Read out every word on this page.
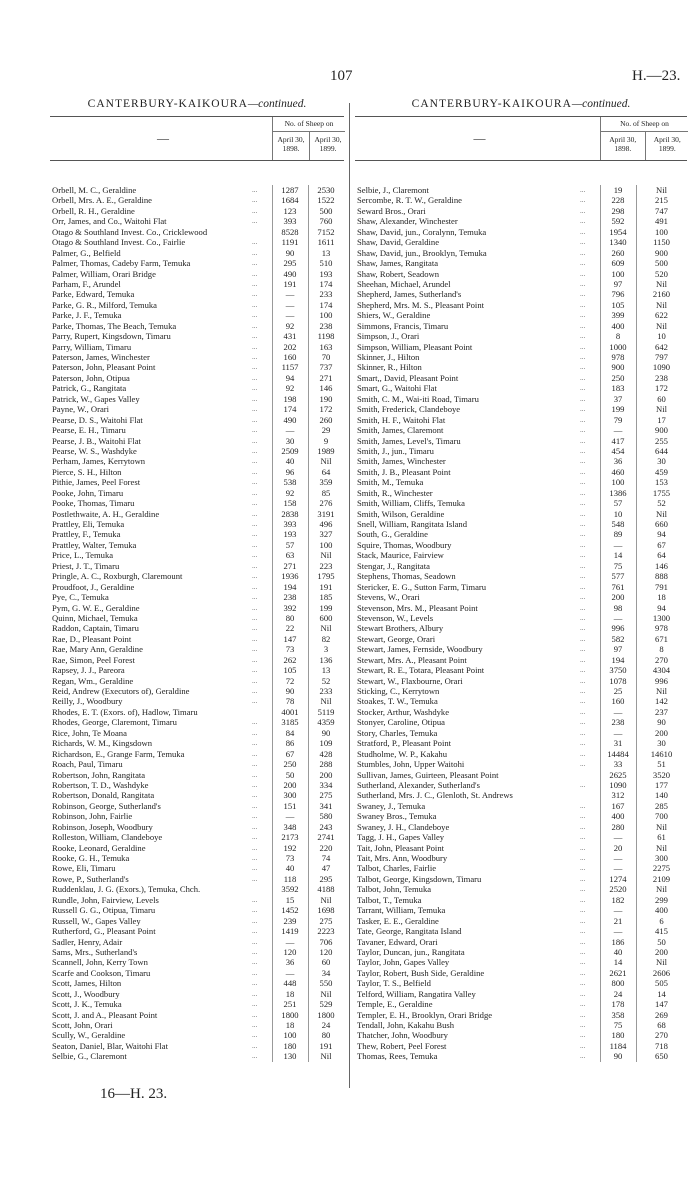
107	H.—23.
CANTERBURY-KAIKOURA—continued.
—
No. of Sheep on
April 30, 1898.
April 30, 1899.
Orbell, M. C., Geraldine	...	1287	2530
Orbell, Mrs. A. E., Geraldine	...	1684	1522
Orbell, R. H., Geraldine	...	123	500
Orr, James, and Co., Waitohi Flat	...	393	760
Otago & Southland Invest. Co., Cricklewood	8528	7152
Otago & Southland Invest. Co., Fairlie	...	1191	1611
Palmer, G., Belfield	...	90	13
Palmer, Thomas, Cadeby Farm, Temuka	...	295	510
Palmer, William, Orari Bridge	...	490	193
Parham, F., Arundel	...	191	174
Parke, Edward, Temuka	...	—	233
Parke, G. R., Milford, Temuka	...	—	174
Parke, J. F., Temuka	...	—	100
Parke, Thomas, The Beach, Temuka	...	92	238
Parry, Rupert, Kingsdown, Timaru	...	431	1198
Parry, William, Timaru	...	202	163
Paterson, James, Winchester	...	160	70
Paterson, John, Pleasant Point	...	1157	737
Paterson, John, Otipua	...	94	271
Patrick, G., Rangitata	...	92	146
Patrick, W., Gapes Valley	...	198	190
Payne, W., Orari	...	174	172
Pearse, D. S., Waitohi Flat	...	490	260
Pearse, E. H., Timaru	...	—	29
Pearse, J. B., Waitohi Flat	...	30	9
Pearse, W. S., Washdyke	...	2509	1989
Perham, James, Kerrytown	...	40	Nil
Pierce, S. H., Hilton	...	96	64
Pithie, James, Peel Forest	...	538	359
Pooke, John, Timaru	...	92	85
Pooke, Thomas, Timaru	...	158	276
Postlethwaite, A. H., Geraldine	...	2838	3191
Prattley, Eli, Temuka	...	393	496
Prattley, F., Temuka	...	193	327
Prattley, Walter, Temuka	...	57	100
Price, L., Temuka	...	63	Nil
Priest, J. T., Timaru	...	271	223
Pringle, A. C., Roxburgh, Claremount	...	1936	1795
Proudfoot, J., Geraldine	...	194	191
Pye, C., Temuka	...	238	185
Pym, G. W. E., Geraldine	...	392	199
Quinn, Michael, Temuka	...	80	600
Raddon, Captain, Timaru	...	22	Nil
Rae, D., Pleasant Point	...	147	82
Rae, Mary Ann, Geraldine	...	73	3
Rae, Simon, Peel Forest	...	262	136
Rapsey, J. J., Pareora	...	105	13
Regan, Wm., Geraldine	...	72	52
Reid, Andrew (Executors of), Geraldine	...	90	233
Reilly, J., Woodbury	...	78	Nil
Rhodes, E. T. (Exors. of), Hadlow, Timaru	4001	5119
Rhodes, George, Claremont, Timaru	...	3185	4359
Rice, John, Te Moana	...	84	90
Richards, W. M., Kingsdown	...	86	109
Richardson, E., Grange Farm, Temuka	...	67	428
Roach, Paul, Timaru	...	250	288
Robertson, John, Rangitata	...	50	200
Robertson, T. D., Washdyke	...	200	334
Robertson, Donald, Rangitata	...	300	275
Robinson, George, Sutherland's	...	151	341
Robinson, John, Fairlie	...	—	580
Robinson, Joseph, Woodbury	...	348	243
Rolleston, William, Clandeboye	...	2173	2741
Rooke, Leonard, Geraldine	...	192	220
Rooke, G. H., Temuka	...	73	74
Rowe, Eli, Timaru	...	40	47
Rowe, P., Sutherland's	...	118	295
Ruddenklau, J. G. (Exors.), Temuka, Chch.	3592	4188
Rundle, John, Fairview, Levels	...	15	Nil
Russell G. G., Otipua, Timaru	...	1452	1698
Russell, W., Gapes Valley	...	239	275
Rutherford, G., Pleasant Point	...	1419	2223
Sadler, Henry, Adair	...	—	706
Sams, Mrs., Sutherland's	...	120	120
Scannell, John, Kerry Town	...	36	60
Scarfe and Cookson, Timaru	...	—	34
Scott, James, Hilton	...	448	550
Scott, J., Woodbury	...	18	Nil
Scott, J. K., Temuka	...	251	529
Scott, J. and A., Pleasant Point	...	1800	1800
Scott, John, Orari	...	18	24
Scully, W., Geraldine	...	100	80
Seaton, Daniel, Blar, Waitohi Flat	...	180	191
Selbie, G., Claremont	...	130	Nil
CANTERBURY-KAIKOURA—continued.
—
No. of Sheep on
April 30, 1898.
April 30, 1899.
Selbie, J., Claremont	...	19	Nil
Sercombe, R. T. W., Geraldine	...	228	215
Seward Bros., Orari	...	298	747
Shaw, Alexander, Winchester	...	592	491
Shaw, David, jun., Coralynn, Temuka	...	1954	100
Shaw, David, Geraldine	...	1340	1150
Shaw, David, jun., Brooklyn, Temuka	...	260	900
Shaw, James, Rangitata	...	609	500
Shaw, Robert, Seadown	...	100	520
Sheehan, Michael, Arundel	...	97	Nil
Shepherd, James, Sutherland's	...	796	2160
Shepherd, Mrs. M. S., Pleasant Point	...	105	Nil
Shiers, W., Geraldine	...	399	622
Simmons, Francis, Timaru	...	400	Nil
Simpson, J., Orari	...	8	10
Simpson, William, Pleasant Point	...	1000	642
Skinner, J., Hilton	...	978	797
Skinner, R., Hilton	...	900	1090
Smart,, David, Pleasant Point	...	250	238
Smart, G., Waitohi Flat	...	183	172
Smith, C. M., Wai-iti Road, Timaru	...	37	60
Smith, Frederick, Clandeboye	...	199	Nil
Smith, H. F., Waitohi Flat	...	79	17
Smith, James, Claremont	...	—	900
Smith, James, Level's, Timaru	...	417	255
Smith, J., jun., Timaru	...	454	644
Smith, James, Winchester	...	36	30
Smith, J. B., Pleasant Point	...	460	459
Smith, M., Temuka	...	100	153
Smith, R., Winchester	...	1386	1755
Smith, William, Cliffs, Temuka	...	57	52
Smith, Wilson, Geraldine	...	10	Nil
Snell, William, Rangitata Island	...	548	660
South, G., Geraldine	...	89	94
Squire, Thomas, Woodbury	...	—	67
Stack, Maurice, Fairview	...	14	64
Stengar, J., Rangitata	...	75	146
Stephens, Thomas, Seadown	...	577	888
Stericker, E. G., Sutton Farm, Timaru	...	761	791
Stevens, W., Orari	...	200	18
Stevenson, Mrs. M., Pleasant Point	...	98	94
Stevenson, W., Levels	...	—	1300
Stewart Brothers, Albury	...	996	978
Stewart, George, Orari	...	582	671
Stewart, James, Fernside, Woodbury	...	97	8
Stewart, Mrs. A., Pleasant Point	...	194	270
Stewart, R. E., Totara, Pleasant Point	...	3750	4304
Stewart, W., Flaxbourne, Orari	...	1078	996
Sticking, C., Kerrytown	...	25	Nil
Stoakes, T. W., Temuka	...	160	142
Stocker, Arthur, Washdyke	...	—	237
Stonyer, Caroline, Otipua	...	238	90
Story, Charles, Temuka	...	—	200
Stratford, P., Pleasant Point	...	31	30
Studholme, W. P., Kakahu	...	14484	14610
Stumbles, John, Upper Waitohi	...	33	51
Sullivan, James, Guirteen, Pleasant Point	2625	3520
Sutherland, Alexander, Sutherland's	...	1090	177
Sutherland, Mrs. J. C., Glenloth, St. Andrews	312	140
Swaney, J., Temuka	...	167	285
Swaney Bros., Temuka	...	400	700
Swaney, J. H., Clandeboye	...	280	Nil
Tagg, J. H., Gapes Valley	...	—	61
Tait, John, Pleasant Point	...	20	Nil
Tait, Mrs. Ann, Woodbury	...	—	300
Talbot, Charles, Fairlie	...	—	2275
Talbot, George, Kingsdown, Timaru	...	1274	2109
Talbot, John, Temuka	...	2520	Nil
Talbot, T., Temuka	...	182	299
Tarrant, William, Temuka	...	—	400
Tasker, E. E., Geraldine	...	21	6
Tate, George, Rangitata Island	...	—	415
Tavaner, Edward, Orari	...	186	50
Taylor, Duncan, jun., Rangitata	...	40	200
Taylor, John, Gapes Valley	...	14	Nil
Taylor, Robert, Bush Side, Geraldine	...	2621	2606
Taylor, T. S., Belfield	...	800	505
Telford, William, Rangatira Valley	...	24	14
Temple, E., Geraldine	...	178	147
Templer, E. H., Brooklyn, Orari Bridge	...	358	269
Tendall, John, Kakahu Bush	...	75	68
Thatcher, John, Woodbury	...	180	270
Thew, Robert, Peel Forest	...	1184	718
Thomas, Rees, Temuka	...	90	650
16—H. 23.
